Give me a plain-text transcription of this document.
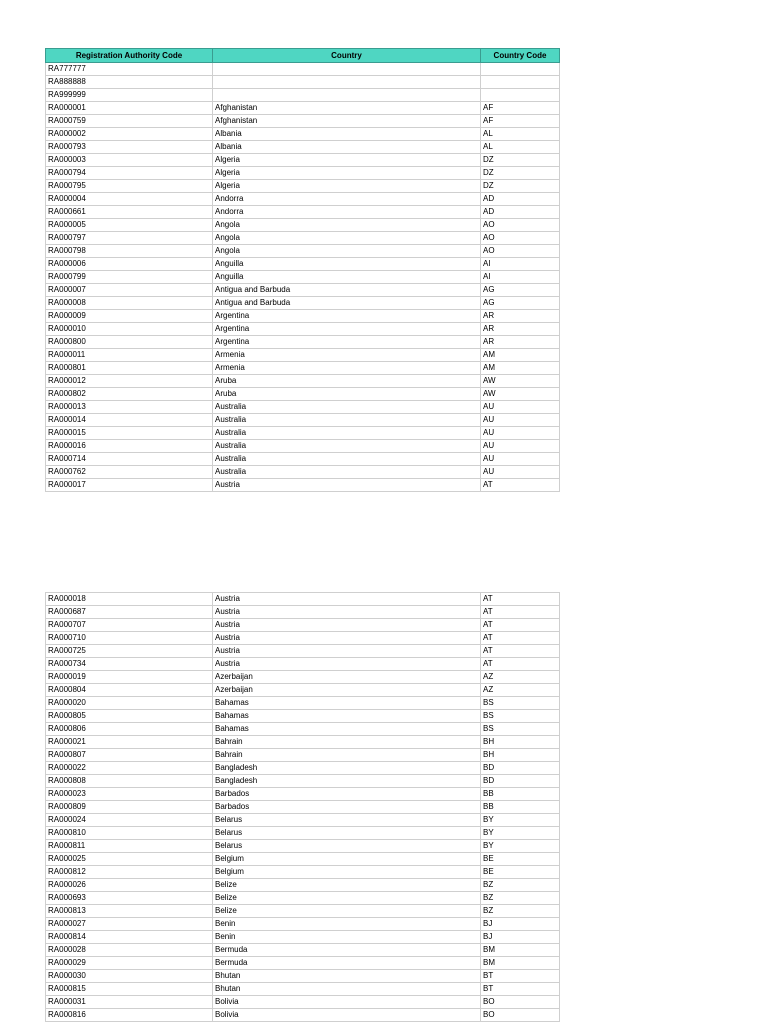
Registration Authority Code	Country	Country Code
RA777777		
RA888888		
RA999999		
RA000001	Afghanistan	AF
RA000759	Afghanistan	AF
RA000002	Albania	AL
RA000793	Albania	AL
RA000003	Algeria	DZ
RA000794	Algeria	DZ
RA000795	Algeria	DZ
RA000004	Andorra	AD
RA000661	Andorra	AD
RA000005	Angola	AO
RA000797	Angola	AO
RA000798	Angola	AO
RA000006	Anguilla	AI
RA000799	Anguilla	AI
RA000007	Antigua and Barbuda	AG
RA000008	Antigua and Barbuda	AG
RA000009	Argentina	AR
RA000010	Argentina	AR
RA000800	Argentina	AR
RA000011	Armenia	AM
RA000801	Armenia	AM
RA000012	Aruba	AW
RA000802	Aruba	AW
RA000013	Australia	AU
RA000014	Australia	AU
RA000015	Australia	AU
RA000016	Australia	AU
RA000714	Australia	AU
RA000762	Australia	AU
RA000017	Austria	AT
RA000018	Austria	AT
RA000687	Austria	AT
RA000707	Austria	AT
RA000710	Austria	AT
RA000725	Austria	AT
RA000734	Austria	AT
RA000019	Azerbaijan	AZ
RA000804	Azerbaijan	AZ
RA000020	Bahamas	BS
RA000805	Bahamas	BS
RA000806	Bahamas	BS
RA000021	Bahrain	BH
RA000807	Bahrain	BH
RA000022	Bangladesh	BD
RA000808	Bangladesh	BD
RA000023	Barbados	BB
RA000809	Barbados	BB
RA000024	Belarus	BY
RA000810	Belarus	BY
RA000811	Belarus	BY
RA000025	Belgium	BE
RA000812	Belgium	BE
RA000026	Belize	BZ
RA000693	Belize	BZ
RA000813	Belize	BZ
RA000027	Benin	BJ
RA000814	Benin	BJ
RA000028	Bermuda	BM
RA000029	Bermuda	BM
RA000030	Bhutan	BT
RA000815	Bhutan	BT
RA000031	Bolivia	BO
RA000816	Bolivia	BO
